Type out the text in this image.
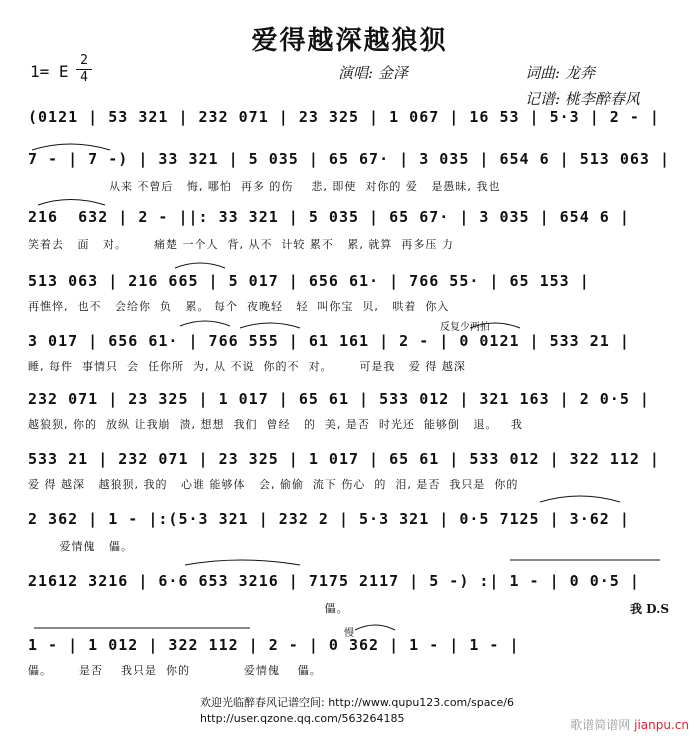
爱得越深越狼狈
1= E
2
4	演唱: 金泽	词曲: 龙奔
记谱: 桃李醉春风
(0121 | 53 321 | 232 071 | 23 325 | 1 067 | 16 53 | 5·3 | 2 - |
7 - | 7 -) | 33 321 | 5 035 | 65 67· | 3 035 | 654 6 | 513 063 |
从来 不曾后   悔, 哪怕  再多 的伤    悲, 即使  对你的 爱   是愚昧, 我也
216  632 | 2 - ||: 33 321 | 5 035 | 65 67· | 3 035 | 654 6 |
笑着去   面   对。      痛楚 一个人  背, 从不  计较 累不   累, 就算  再多压 力
513 063 | 216 665 | 5 017 | 656 61· | 766 55· | 65 153 |
再憔悴,  也不   会给你  负   累。 每个  夜晚轻   轻  叫你宝  贝,   哄着  你入
反复少两拍
3 017 | 656 61· | 766 555 | 61 161 | 2 - | 0 0121 | 533 21 |
睡, 每件  事情只  会  任你所  为, 从 不说  你的不  对。      可是我   爱 得 越深
232 071 | 23 325 | 1 017 | 65 61 | 533 012 | 321 163 | 2 0·5 |
越狼狈, 你的  放纵 让我崩  溃, 想想  我们  曾经   的  美, 是否  时光还  能够倒   退。   我
533 21 | 232 071 | 23 325 | 1 017 | 65 61 | 533 012 | 322 112 |
爱 得 越深   越狼狈, 我的   心谁 能够体   会, 偷偷  流下 伤心  的  泪, 是否  我只是  你的
2 362 | 1 - |:(5·3 321 | 232 2 | 5·3 321 | 0·5 7125 | 3·62 |
爱情傀   儡。
21612 3216 | 6·6 653 3216 | 7175 2117 | 5 -) :| 1 - | 0 0·5 |
儡。	我 D.S
慢
1 - | 1 012 | 322 112 | 2 - | 0 362 | 1 - | 1 - |
儡。      是否    我只是  你的            爱情傀    儡。
欢迎光临醉春风记谱空间: http://www.qupu123.com/space/6
http://user.qzone.qq.com/563264185	歌谱简谱网 jianpu.cn
